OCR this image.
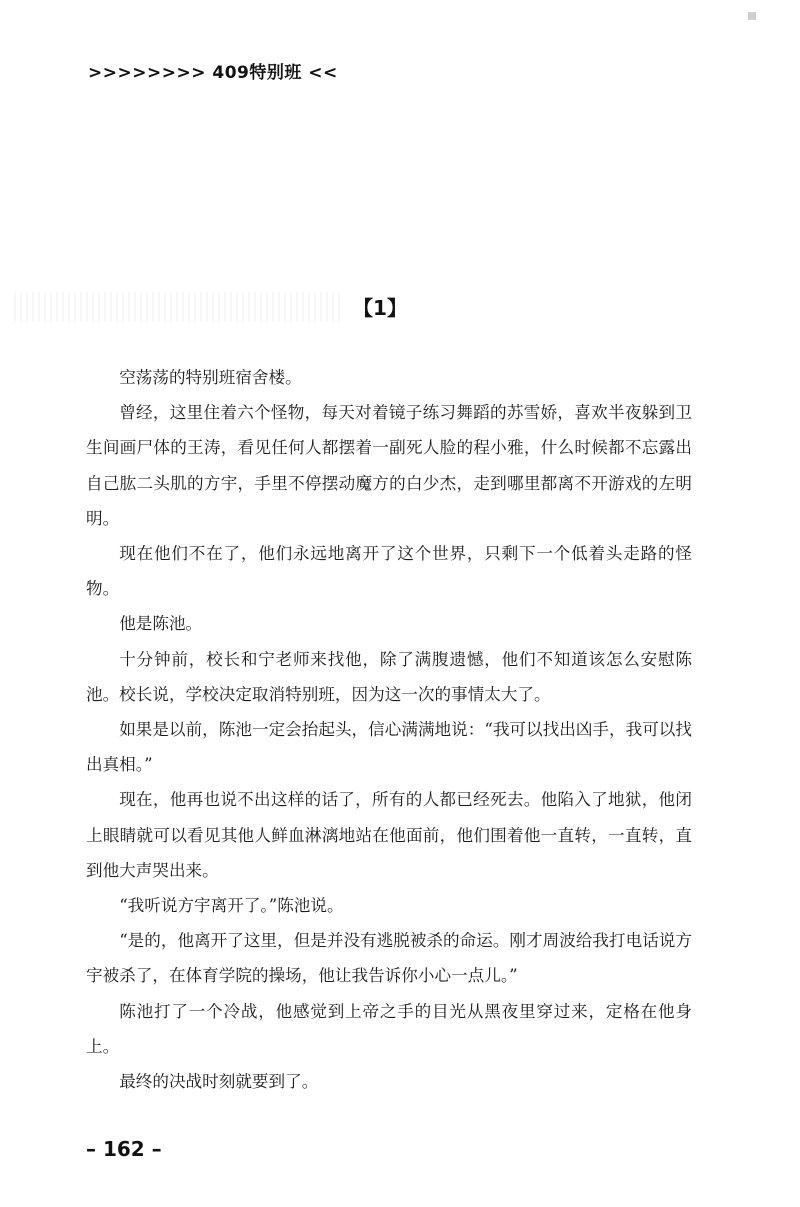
>>>>>>>> 409特别班 <<
【1】

空荡荡的特别班宿舍楼。

曾经，这里住着六个怪物，每天对着镜子练习舞蹈的苏雪娇，喜欢半夜躲到卫生间画尸体的王涛，看见任何人都摆着一副死人脸的程小雅，什么时候都不忘露出自己肱二头肌的方宇，手里不停摆动魔方的白少杰，走到哪里都离不开游戏的左明明。

现在他们不在了，他们永远地离开了这个世界，只剩下一个低着头走路的怪物。

他是陈池。

十分钟前，校长和宁老师来找他，除了满腹遗憾，他们不知道该怎么安慰陈池。校长说，学校决定取消特别班，因为这一次的事情太大了。

如果是以前，陈池一定会抬起头，信心满满地说：“我可以找出凶手，我可以找出真相。”

现在，他再也说不出这样的话了，所有的人都已经死去。他陷入了地狱，他闭上眼睛就可以看见其他人鲜血淋漓地站在他面前，他们围着他一直转，一直转，直到他大声哭出来。

“我听说方宇离开了。”陈池说。

“是的，他离开了这里，但是并没有逃脱被杀的命运。刚才周波给我打电话说方宇被杀了，在体育学院的操场，他让我告诉你小心一点儿。”

陈池打了一个冷战，他感觉到上帝之手的目光从黑夜里穿过来，定格在他身上。

最终的决战时刻就要到了。

– 162 –
